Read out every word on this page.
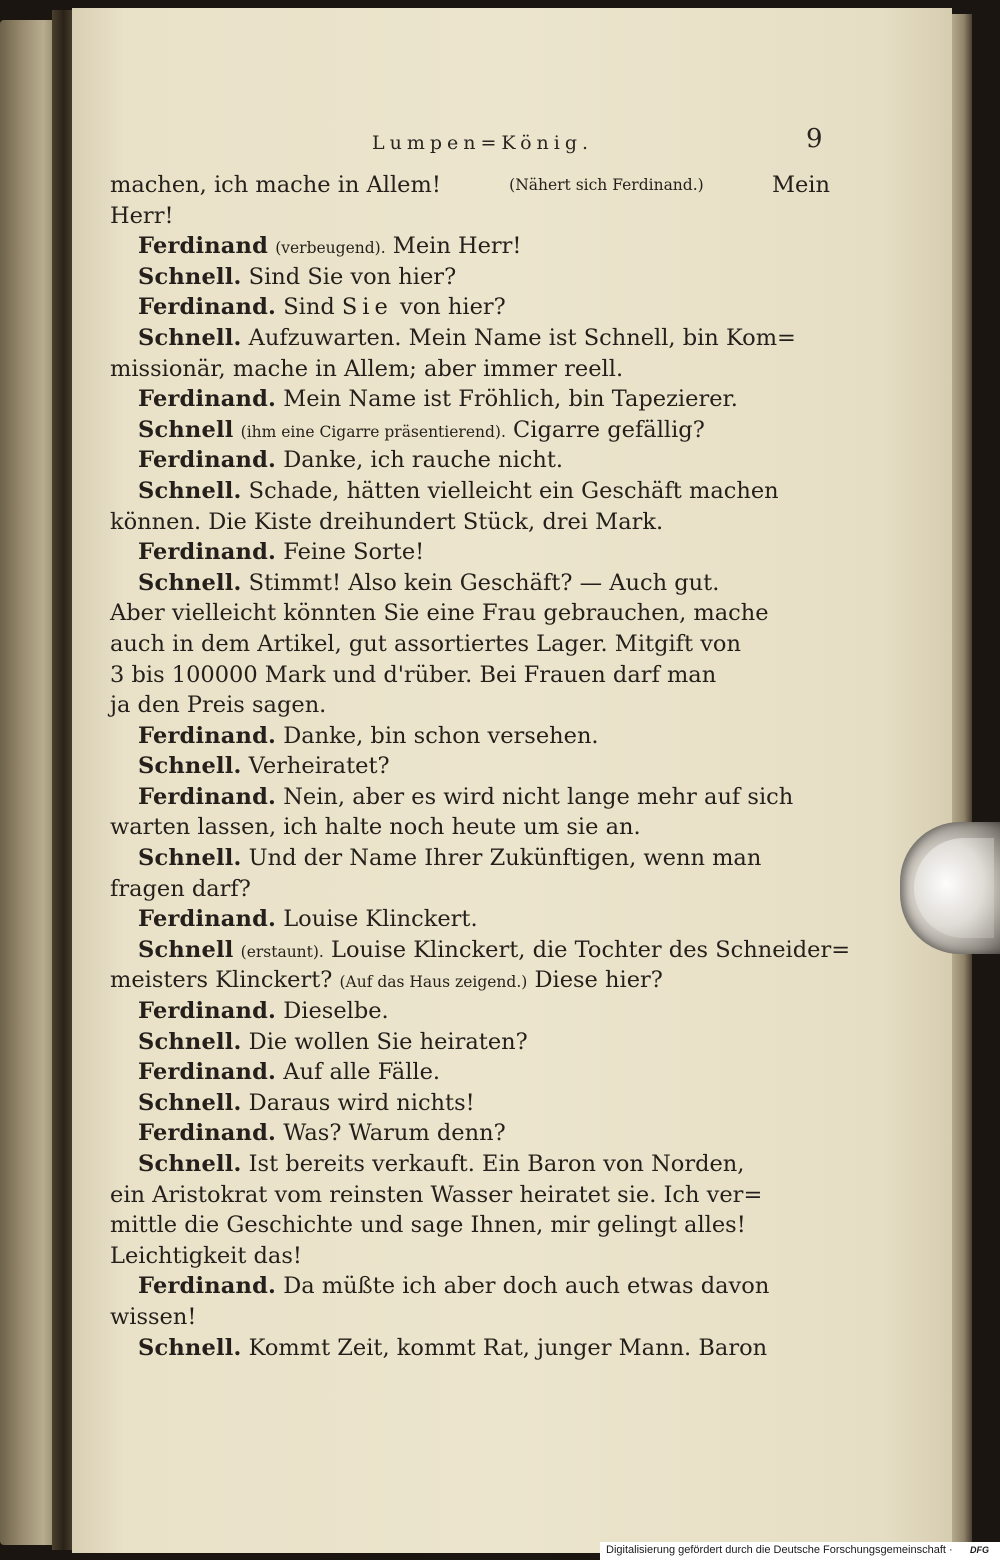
Lumpen=König.	9
machen, ich mache in Allem!	(Nähert sich Ferdinand.)	Mein
Herr!
Ferdinand (verbeugend). Mein Herr!
Schnell. Sind Sie von hier?
Ferdinand. Sind Sie von hier?
Schnell. Aufzuwarten. Mein Name ist Schnell, bin Kom=
missionär, mache in Allem; aber immer reell.
Ferdinand. Mein Name ist Fröhlich, bin Tapezierer.
Schnell (ihm eine Cigarre präsentierend). Cigarre gefällig?
Ferdinand. Danke, ich rauche nicht.
Schnell. Schade, hätten vielleicht ein Geschäft machen
können. Die Kiste dreihundert Stück, drei Mark.
Ferdinand. Feine Sorte!
Schnell. Stimmt! Also kein Geschäft? — Auch gut.
Aber vielleicht könnten Sie eine Frau gebrauchen, mache
auch in dem Artikel, gut assortiertes Lager. Mitgift von
3 bis 100000 Mark und d'rüber. Bei Frauen darf man
ja den Preis sagen.
Ferdinand. Danke, bin schon versehen.
Schnell. Verheiratet?
Ferdinand. Nein, aber es wird nicht lange mehr auf sich
warten lassen, ich halte noch heute um sie an.
Schnell. Und der Name Ihrer Zukünftigen, wenn man
fragen darf?
Ferdinand. Louise Klinckert.
Schnell (erstaunt). Louise Klinckert, die Tochter des Schneider=
meisters Klinckert? (Auf das Haus zeigend.) Diese hier?
Ferdinand. Dieselbe.
Schnell. Die wollen Sie heiraten?
Ferdinand. Auf alle Fälle.
Schnell. Daraus wird nichts!
Ferdinand. Was? Warum denn?
Schnell. Ist bereits verkauft. Ein Baron von Norden,
ein Aristokrat vom reinsten Wasser heiratet sie. Ich ver=
mittle die Geschichte und sage Ihnen, mir gelingt alles!
Leichtigkeit das!
Ferdinand. Da müßte ich aber doch auch etwas davon
wissen!
Schnell. Kommt Zeit, kommt Rat, junger Mann. Baron
Digitalisierung gefördert durch die Deutsche Forschungsgemeinschaft · DFG
